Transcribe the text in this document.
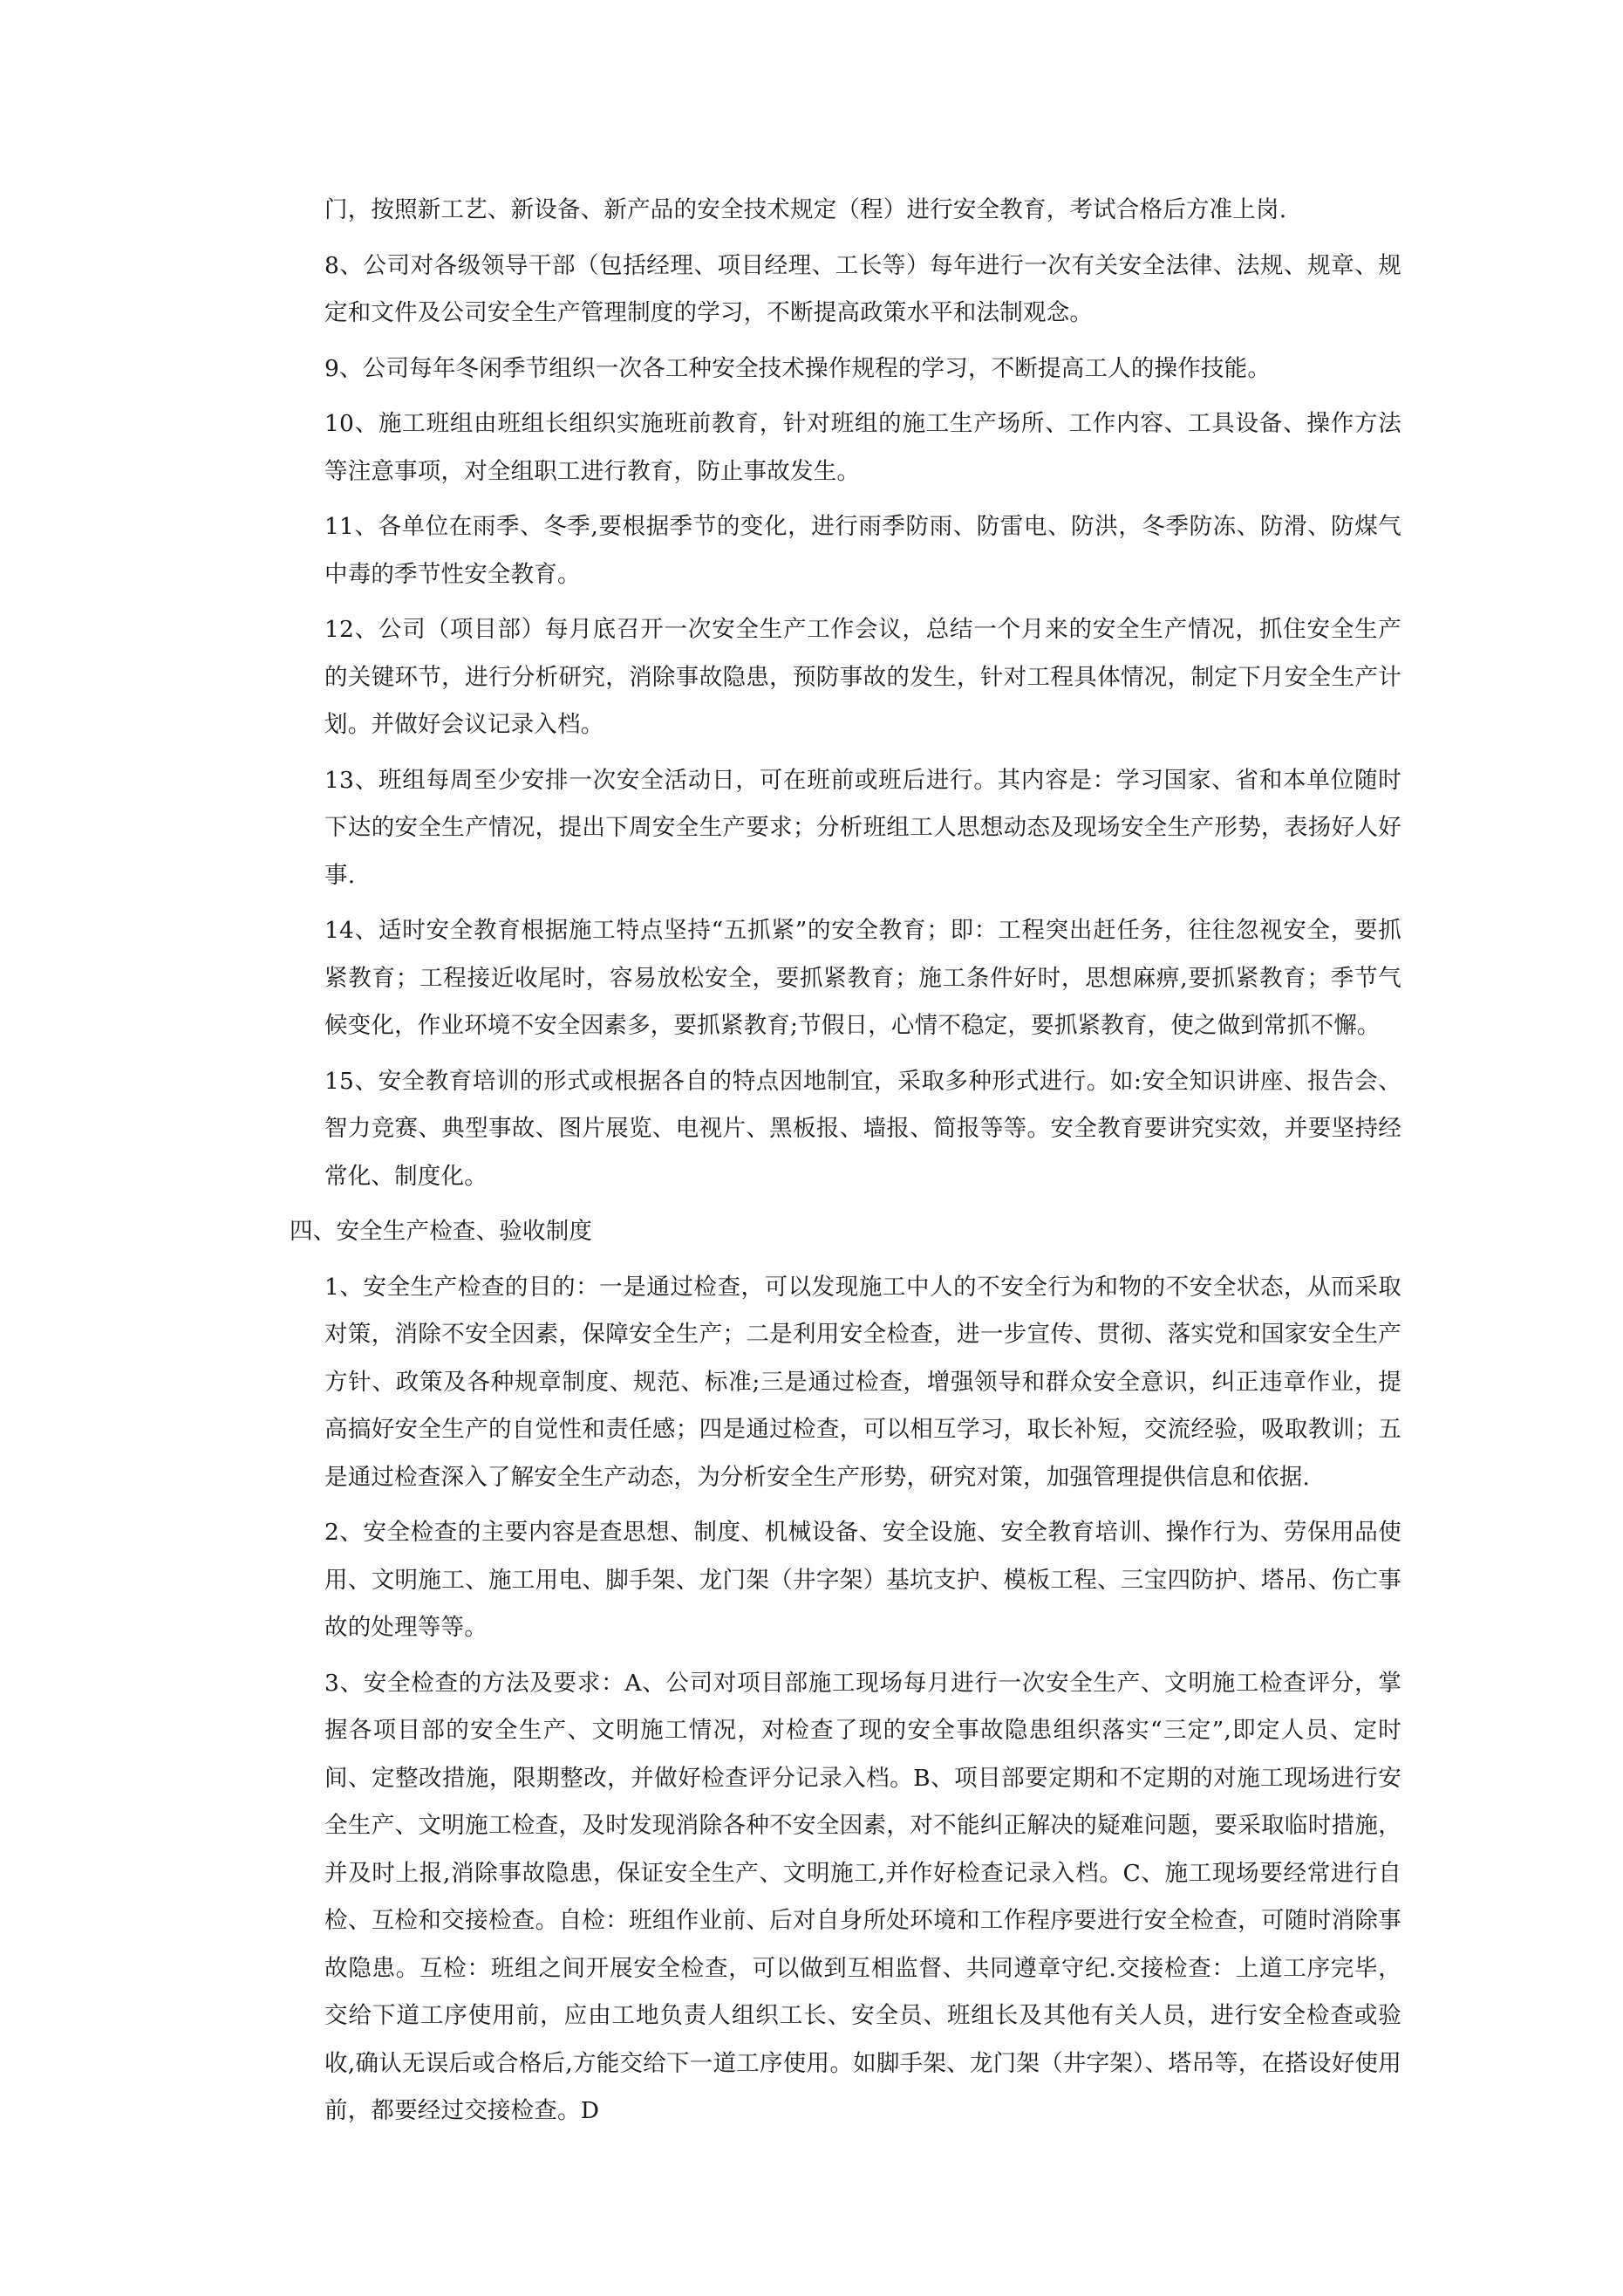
门，按照新工艺、新设备、新产品的安全技术规定（程）进行安全教育，考试合格后方准上岗.

8、公司对各级领导干部（包括经理、项目经理、工长等）每年进行一次有关安全法律、法规、规章、规定和文件及公司安全生产管理制度的学习，不断提高政策水平和法制观念。

9、公司每年冬闲季节组织一次各工种安全技术操作规程的学习，不断提高工人的操作技能。

10、施工班组由班组长组织实施班前教育，针对班组的施工生产场所、工作内容、工具设备、操作方法等注意事项，对全组职工进行教育，防止事故发生。

11、各单位在雨季、冬季,要根据季节的变化，进行雨季防雨、防雷电、防洪，冬季防冻、防滑、防煤气中毒的季节性安全教育。

12、公司（项目部）每月底召开一次安全生产工作会议，总结一个月来的安全生产情况，抓住安全生产的关键环节，进行分析研究，消除事故隐患，预防事故的发生，针对工程具体情况，制定下月安全生产计划。并做好会议记录入档。

13、班组每周至少安排一次安全活动日，可在班前或班后进行。其内容是：学习国家、省和本单位随时下达的安全生产情况，提出下周安全生产要求；分析班组工人思想动态及现场安全生产形势，表扬好人好事.

14、适时安全教育根据施工特点坚持“五抓紧”的安全教育；即：工程突出赶任务，往往忽视安全，要抓紧教育；工程接近收尾时，容易放松安全，要抓紧教育；施工条件好时，思想麻痹,要抓紧教育；季节气候变化，作业环境不安全因素多，要抓紧教育;节假日，心情不稳定，要抓紧教育，使之做到常抓不懈。

15、安全教育培训的形式或根据各自的特点因地制宜，采取多种形式进行。如:安全知识讲座、报告会、智力竞赛、典型事故、图片展览、电视片、黑板报、墙报、简报等等。安全教育要讲究实效，并要坚持经常化、制度化。

四、安全生产检查、验收制度

1、安全生产检查的目的：一是通过检查，可以发现施工中人的不安全行为和物的不安全状态，从而采取对策，消除不安全因素，保障安全生产；二是利用安全检查，进一步宣传、贯彻、落实党和国家安全生产方针、政策及各种规章制度、规范、标准;三是通过检查，增强领导和群众安全意识，纠正违章作业，提高搞好安全生产的自觉性和责任感；四是通过检查，可以相互学习，取长补短，交流经验，吸取教训；五是通过检查深入了解安全生产动态，为分析安全生产形势，研究对策，加强管理提供信息和依据.

2、安全检查的主要内容是查思想、制度、机械设备、安全设施、安全教育培训、操作行为、劳保用品使用、文明施工、施工用电、脚手架、龙门架（井字架）基坑支护、模板工程、三宝四防护、塔吊、伤亡事故的处理等等。

3、安全检查的方法及要求：A、公司对项目部施工现场每月进行一次安全生产、文明施工检查评分，掌握各项目部的安全生产、文明施工情况，对检查了现的安全事故隐患组织落实“三定”,即定人员、定时间、定整改措施，限期整改，并做好检查评分记录入档。B、项目部要定期和不定期的对施工现场进行安全生产、文明施工检查，及时发现消除各种不安全因素，对不能纠正解决的疑难问题，要采取临时措施，并及时上报,消除事故隐患，保证安全生产、文明施工,并作好检查记录入档。C、施工现场要经常进行自检、互检和交接检查。自检：班组作业前、后对自身所处环境和工作程序要进行安全检查，可随时消除事故隐患。互检：班组之间开展安全检查，可以做到互相监督、共同遵章守纪.交接检查：上道工序完毕，交给下道工序使用前，应由工地负责人组织工长、安全员、班组长及其他有关人员，进行安全检查或验收,确认无误后或合格后,方能交给下一道工序使用。如脚手架、龙门架（井字架）、塔吊等，在搭设好使用前，都要经过交接检查。D
